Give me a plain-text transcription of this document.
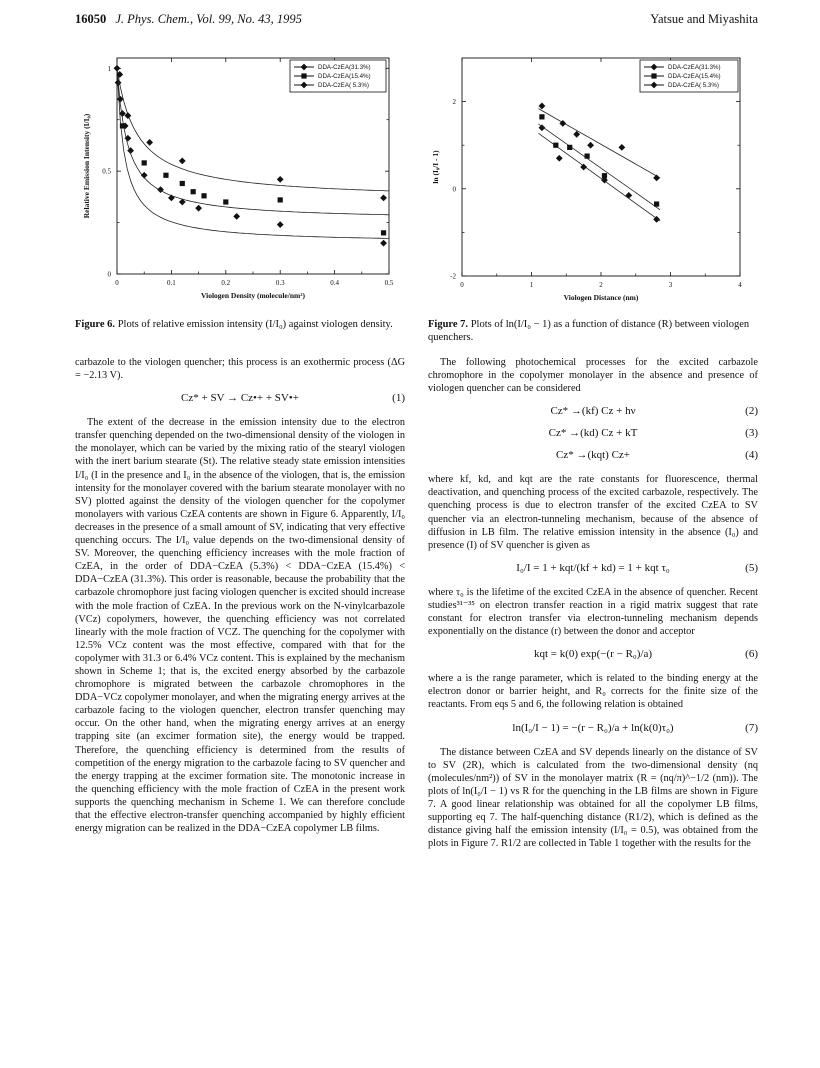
16050 J. Phys. Chem., Vol. 99, No. 43, 1995	Yatsue and Miyashita
0	0.1	0.2	0.3	0.4	0.5
0
0.5
1
Viologen Density (molecule/nm²)
Relative Emission Intensity (I/I₀)
DDA-CzEA(31.3%)
DDA-CzEA(15.4%)
DDA-CzEA( 5.3%)
Figure 6. Plots of relative emission intensity (I/I₀) against viologen density.
0	1	2	3	4
-2
0
2
Viologen Distance (nm)
ln (I₀/I - 1)
DDA-CzEA(31.3%)
DDA-CzEA(15.4%)
DDA-CzEA( 5.3%)
Figure 7. Plots of ln(I/I₀ − 1) as a function of distance (R) between viologen quenchers.

carbazole to the viologen quencher; this process is an exothermic process (ΔG = −2.13 V).

Cz* + SV → Cz•+ + SV•+	(1)

The extent of the decrease in the emission intensity due to the electron transfer quenching depended on the two-dimensional density of the viologen in the monolayer, which can be varied by the mixing ratio of the stearyl viologen with the inert barium stearate (St). The relative steady state emission intensities I/I₀ (I in the presence and I₀ in the absence of the viologen, that is, the emission intensity for the monolayer covered with the barium stearate monolayer with no SV) plotted against the density of the viologen quencher for the copolymer monolayers with various CzEA contents are shown in Figure 6. Apparently, I/I₀ decreases in the presence of a small amount of SV, indicating that very effective quenching occurs. The I/I₀ value depends on the two-dimensional density of SV. Moreover, the quenching efficiency increases with the mole fraction of CzEA, in the order of DDA−CzEA (5.3%) < DDA−CzEA (15.4%) < DDA−CzEA (31.3%). This order is reasonable, because the probability that the carbazole chromophore just facing viologen quencher is excited should increase with the mole fraction of CzEA. In the previous work on the N-vinylcarbazole (VCz) copolymers, however, the quenching efficiency was not correlated linearly with the mole fraction of VCZ. The quenching for the copolymer with 12.5% VCz content was the most effective, compared with that for the copolymer with 31.3 or 6.4% VCz content. This is explained by the mechanism shown in Scheme 1; that is, the excited energy absorbed by the carbazole chromophore is migrated between the carbazole chromophores in the DDA−VCz copolymer monolayer, and when the migrating energy arrives at the carbazole facing to the viologen quencher, electron transfer quenching may occur. On the other hand, when the migrating energy arrives at an energy trapping site (an excimer formation site), the energy would be trapped. Therefore, the quenching efficiency is determined from the results of competition of the energy migration to the carbazole facing to SV quencher and the energy trapping at the excimer formation site. The monotonic increase in the quenching efficiency with the mole fraction of CzEA in the present work supports the quenching mechanism in Scheme 1. We can therefore conclude that the effective electron-transfer quenching accompanied by highly efficient energy migration can be realized in the DDA−CzEA copolymer LB films.

The following photochemical processes for the excited carbazole chromophore in the copolymer monolayer in the absence and presence of viologen quencher can be considered

Cz* →(kf) Cz + hν	(2)
Cz* →(kd) Cz + kT	(3)
Cz* →(kqt) Cz+	(4)

where kf, kd, and kqt are the rate constants for fluorescence, thermal deactivation, and quenching process of the excited carbazole, respectively. The quenching process is due to electron transfer of the excited CzEA to SV quencher via an electron-tunneling mechanism, because of the absence of diffusion in LB film. The relative emission intensity in the absence (I₀) and presence (I) of SV quencher is given as

I₀/I = 1 + kqt/(kf + kd) = 1 + kqt τ₀	(5)

where τ₀ is the lifetime of the excited CzEA in the absence of quencher. Recent studies³¹⁻³⁵ on electron transfer reaction in a rigid matrix suggest that rate constant for electron transfer via electron-tunneling mechanism depends exponentially on the distance (r) between the donor and acceptor

kqt = k(0) exp(−(r − R₀)/a)	(6)

where a is the range parameter, which is related to the binding energy at the electron donor or barrier height, and R₀ corrects for the finite size of the reactants. From eqs 5 and 6, the following relation is obtained

ln(I₀/I − 1) = −(r − R₀)/a + ln(k(0)τ₀)	(7)

The distance between CzEA and SV depends linearly on the distance of SV to SV (2R), which is calculated from the two-dimensional density (nq (molecules/nm²)) of SV in the monolayer matrix (R = (nq/π)^−1/2 (nm)). The plots of ln(I₀/I − 1) vs R for the quenching in the LB films are shown in Figure 7. A good linear relationship was obtained for all the copolymer LB films, supporting eq 7. The half-quenching distance (R1/2), which is defined as the distance giving half the emission intensity (I/I₀ = 0.5), was obtained from the plots in Figure 7. R1/2 are collected in Table 1 together with the results for the
